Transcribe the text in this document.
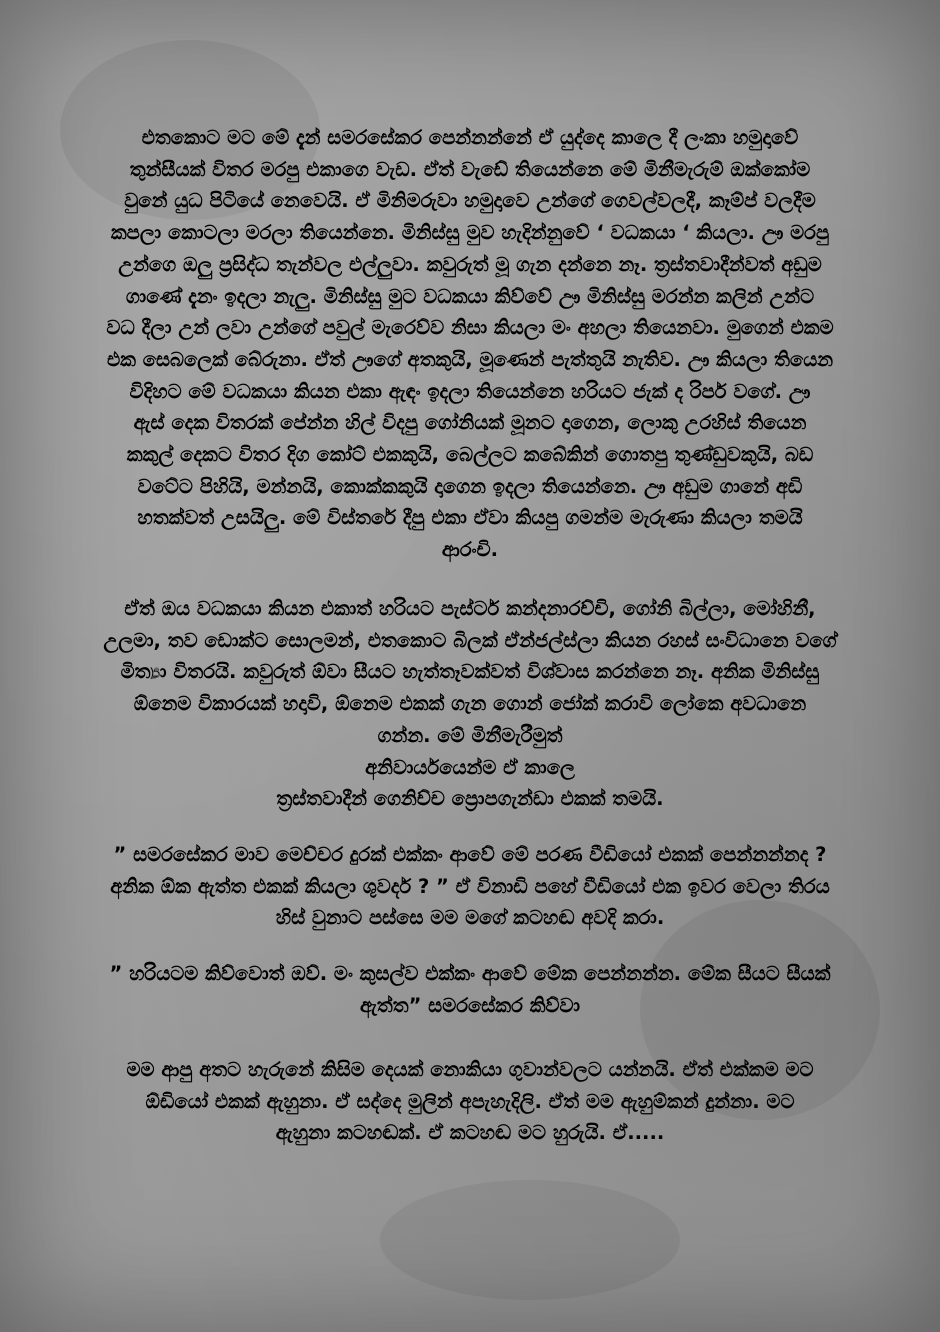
එතකොට මට මේ දැන් සමරසේකර පෙන්නන්නේ ඒ යුද්දෙ කාලෙ දී ලංකා හමුදාවේ
තුන්සීයක් විතර මරපු එකාගෙ වැඩ. ඒත් වැඩේ තියෙන්නෙ මේ මිනීමැරුම් ඔක්කෝම
වුනේ යුධ පිටියේ නෙවෙයි. ඒ මිනිමරුවා හමුදාවෙ උන්ගේ ගෙවල්වලදී, කෑම්ප් වලදීම
කපලා කොටලා මරලා තියෙන්නෙ. මිනිස්සු මුව හැදින්නුවේ ‘ වධකයා ‘ කියලා. ඌ මරපු
උන්ගෙ ඔලු ප්‍රසිද්ධ තැන්වල එල්ලුවා. කවුරුත් මූ ගැන දන්නෙ නෑ. ත්‍රස්තවාදීන්වත් අඩුම
ගාණේ දැනං ඉදලා නැලු. මිනිස්සු මුට වධකයා කිව්වේ ඌ මිනිස්සු මරන්න කලින් උන්ට
වධ දීලා උන් ලවා උන්ගේ පවුල් මැරෙව්ව නිසා කියලා මං අහලා තියෙනවා. මුගෙන් එකම
එක සෙබලෙක් බේරුනා. ඒත් ඌගේ අතකුයි, මූණෙන් පැත්තුයි නැතිව. ඌ කියලා තියෙන
විදිහට මේ වධකයා කියන එකා ඇඳං ඉදලා තියෙන්නෙ හරියට ජැක් ද රිපර් වගේ. ඌ
ඇස් දෙක විතරක් පේන්න හිල් විදපු ගෝනියක් මූනට දාගෙන, ලොකු උරහිස් තියෙන
කකුල් දෙකට විතර දිග කෝට් එකකුයි, බෙල්ලට කබේකින් ගොතපු තුණ්ඩුවකුයි, බඩ
වටේට පිහියි, මන්නයි, කොක්කකුයි දාගෙන ඉදලා තියෙන්නෙ. ඌ අඩුම ගානේ අඩි
හතක්වත් උසයිලු. මේ විස්තරේ දීපු එකා ඒවා කියපු ගමන්ම මැරුණා කියලා තමයි
ආරංචි.
ඒත් ඔය වධකයා කියන එකාත් හරියට පැස්ටර් කන්දනාරච්චි, ගෝනි බිල්ලා, මෝහිනී,
උලමා, තව ඩොක්ට සොලමන්, එතකොට බිලක් ඒන්ජල්ස්ලා කියන රහස් සංවිධානෙ වගේ
මිත්‍යා විතරයි. කවුරුත් ඕවා සීයට හැත්තෑවක්වත් විශ්වාස කරන්නෙ නෑ. අනික මිනිස්සු
ඕනෙම විකාරයක් හදාවි, ඕනෙම එකක් ගැන ගොන් ජෝක් කරාවි ලෝකෙ අවධානෙ
ගන්න. මේ මිනීමැරීමුත්
අනිවාර්යයෙන්ම ඒ කාලෙ
ත්‍රස්තවාදීන් ගෙනිච්ච ප්‍රොපගැන්ඩා එකක් තමයි.
” සමරසේකර මාව මෙච්චර දුරක් එක්කං ආවේ මේ පරණ වීඩියෝ එකක් පෙන්නන්නද ?
අනික ඕක ඇත්ත එකක් කියලා ශුවර්ද ? ” ඒ විනාඩි පහේ වීඩියෝ එක ඉවර වෙලා තිරය
හිස් වුනාට පස්සෙ මම මගේ කටහඬ අවදි කරා.
” හරියටම කිව්වොත් ඔව්. මං කුසල්ව එක්කං ආවේ මේක පෙන්නන්න. මේක සීයට සීයක්
ඇත්ත” සමරසේකර කිව්වා
මම ආපු අතට හැරුනේ කිසිම දෙයක් නොකියා ගුවාන්වලට යන්නයි. ඒත් එක්කම මට
ඕඩියෝ එකක් ඇහුනා. ඒ සද්දෙ මුලින් අපැහැදිලි. ඒත් මම ඇහුම්කන් දුන්නා. මට
ඇහුනා කටහඬක්. ඒ කටහඬ මට හුරුයි. ඒ.....
